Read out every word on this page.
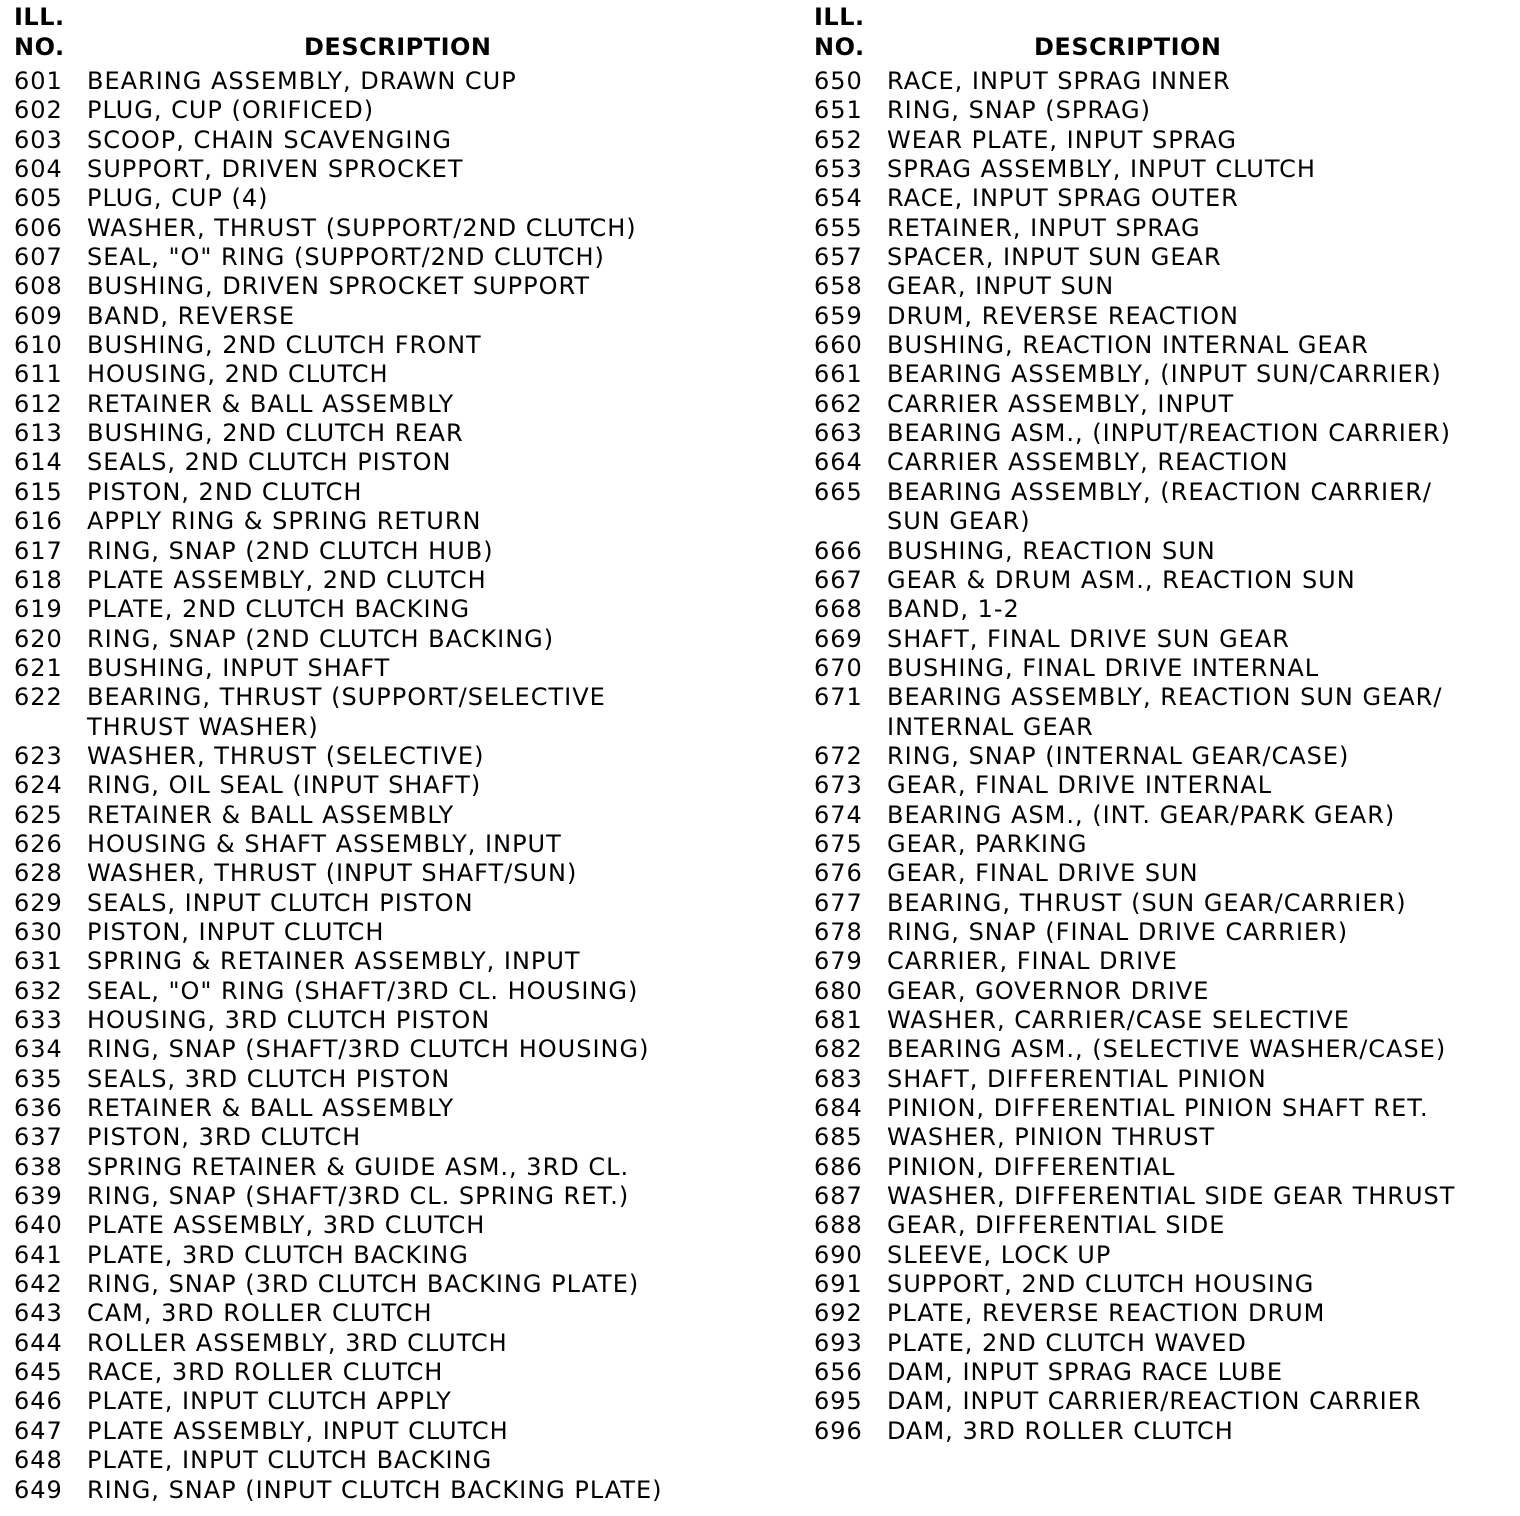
ILL.
NO.	DESCRIPTION
601 BEARING ASSEMBLY, DRAWN CUP
602 PLUG, CUP (ORIFICED)
603 SCOOP, CHAIN SCAVENGING
604 SUPPORT, DRIVEN SPROCKET
605 PLUG, CUP (4)
606 WASHER, THRUST (SUPPORT/2ND CLUTCH)
607 SEAL, "O" RING (SUPPORT/2ND CLUTCH)
608 BUSHING, DRIVEN SPROCKET SUPPORT
609 BAND, REVERSE
610 BUSHING, 2ND CLUTCH FRONT
611 HOUSING, 2ND CLUTCH
612 RETAINER & BALL ASSEMBLY
613 BUSHING, 2ND CLUTCH REAR
614 SEALS, 2ND CLUTCH PISTON
615 PISTON, 2ND CLUTCH
616 APPLY RING & SPRING RETURN
617 RING, SNAP (2ND CLUTCH HUB)
618 PLATE ASSEMBLY, 2ND CLUTCH
619 PLATE, 2ND CLUTCH BACKING
620 RING, SNAP (2ND CLUTCH BACKING)
621 BUSHING, INPUT SHAFT
622 BEARING, THRUST (SUPPORT/SELECTIVE
THRUST WASHER)
623 WASHER, THRUST (SELECTIVE)
624 RING, OIL SEAL (INPUT SHAFT)
625 RETAINER & BALL ASSEMBLY
626 HOUSING & SHAFT ASSEMBLY, INPUT
628 WASHER, THRUST (INPUT SHAFT/SUN)
629 SEALS, INPUT CLUTCH PISTON
630 PISTON, INPUT CLUTCH
631 SPRING & RETAINER ASSEMBLY, INPUT
632 SEAL, "O" RING (SHAFT/3RD CL. HOUSING)
633 HOUSING, 3RD CLUTCH PISTON
634 RING, SNAP (SHAFT/3RD CLUTCH HOUSING)
635 SEALS, 3RD CLUTCH PISTON
636 RETAINER & BALL ASSEMBLY
637 PISTON, 3RD CLUTCH
638 SPRING RETAINER & GUIDE ASM., 3RD CL.
639 RING, SNAP (SHAFT/3RD CL. SPRING RET.)
640 PLATE ASSEMBLY, 3RD CLUTCH
641 PLATE, 3RD CLUTCH BACKING
642 RING, SNAP (3RD CLUTCH BACKING PLATE)
643 CAM, 3RD ROLLER CLUTCH
644 ROLLER ASSEMBLY, 3RD CLUTCH
645 RACE, 3RD ROLLER CLUTCH
646 PLATE, INPUT CLUTCH APPLY
647 PLATE ASSEMBLY, INPUT CLUTCH
648 PLATE, INPUT CLUTCH BACKING
649 RING, SNAP (INPUT CLUTCH BACKING PLATE)
ILL.
NO.	DESCRIPTION
650 RACE, INPUT SPRAG INNER
651 RING, SNAP (SPRAG)
652 WEAR PLATE, INPUT SPRAG
653 SPRAG ASSEMBLY, INPUT CLUTCH
654 RACE, INPUT SPRAG OUTER
655 RETAINER, INPUT SPRAG
657 SPACER, INPUT SUN GEAR
658 GEAR, INPUT SUN
659 DRUM, REVERSE REACTION
660 BUSHING, REACTION INTERNAL GEAR
661 BEARING ASSEMBLY, (INPUT SUN/CARRIER)
662 CARRIER ASSEMBLY, INPUT
663 BEARING ASM., (INPUT/REACTION CARRIER)
664 CARRIER ASSEMBLY, REACTION
665 BEARING ASSEMBLY, (REACTION CARRIER/
SUN GEAR)
666 BUSHING, REACTION SUN
667 GEAR & DRUM ASM., REACTION SUN
668 BAND, 1-2
669 SHAFT, FINAL DRIVE SUN GEAR
670 BUSHING, FINAL DRIVE INTERNAL
671 BEARING ASSEMBLY, REACTION SUN GEAR/
INTERNAL GEAR
672 RING, SNAP (INTERNAL GEAR/CASE)
673 GEAR, FINAL DRIVE INTERNAL
674 BEARING ASM., (INT. GEAR/PARK GEAR)
675 GEAR, PARKING
676 GEAR, FINAL DRIVE SUN
677 BEARING, THRUST (SUN GEAR/CARRIER)
678 RING, SNAP (FINAL DRIVE CARRIER)
679 CARRIER, FINAL DRIVE
680 GEAR, GOVERNOR DRIVE
681 WASHER, CARRIER/CASE SELECTIVE
682 BEARING ASM., (SELECTIVE WASHER/CASE)
683 SHAFT, DIFFERENTIAL PINION
684 PINION, DIFFERENTIAL PINION SHAFT RET.
685 WASHER, PINION THRUST
686 PINION, DIFFERENTIAL
687 WASHER, DIFFERENTIAL SIDE GEAR THRUST
688 GEAR, DIFFERENTIAL SIDE
690 SLEEVE, LOCK UP
691 SUPPORT, 2ND CLUTCH HOUSING
692 PLATE, REVERSE REACTION DRUM
693 PLATE, 2ND CLUTCH WAVED
656 DAM, INPUT SPRAG RACE LUBE
695 DAM, INPUT CARRIER/REACTION CARRIER
696 DAM, 3RD ROLLER CLUTCH
